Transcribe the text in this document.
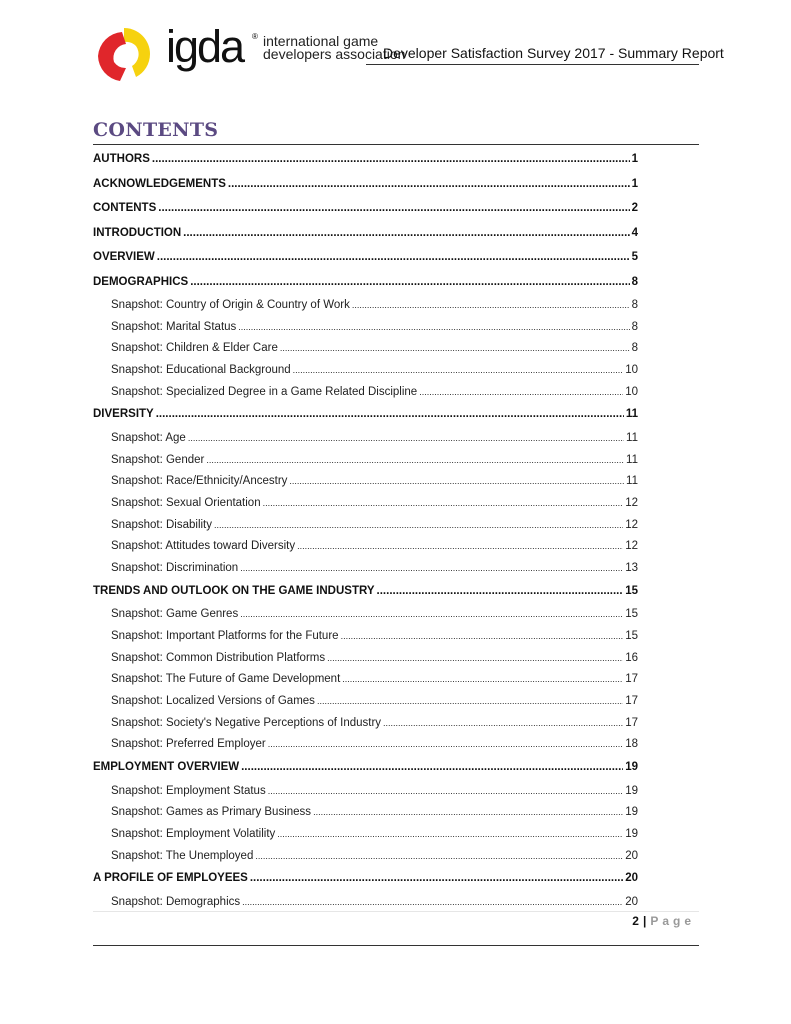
igda ® international game
developers association
Developer Satisfaction Survey 2017 - Summary Report
CONTENTS
AUTHORS .....	1
ACKNOWLEDGEMENTS .....	1
CONTENTS .....	2
INTRODUCTION .....	4
OVERVIEW .....	5
DEMOGRAPHICS .....	8
Snapshot: Country of Origin & Country of Work .....	8
Snapshot: Marital Status .....	8
Snapshot: Children & Elder Care .....	8
Snapshot: Educational Background .....	10
Snapshot: Specialized Degree in a Game Related Discipline .....	10
DIVERSITY .....	11
Snapshot: Age .....	11
Snapshot: Gender .....	11
Snapshot: Race/Ethnicity/Ancestry .....	11
Snapshot: Sexual Orientation .....	12
Snapshot: Disability .....	12
Snapshot: Attitudes toward Diversity .....	12
Snapshot: Discrimination .....	13
TRENDS AND OUTLOOK ON THE GAME INDUSTRY .....	15
Snapshot: Game Genres .....	15
Snapshot: Important Platforms for the Future .....	15
Snapshot: Common Distribution Platforms .....	16
Snapshot: The Future of Game Development .....	17
Snapshot: Localized Versions of Games .....	17
Snapshot: Society's Negative Perceptions of Industry .....	17
Snapshot: Preferred Employer .....	18
EMPLOYMENT OVERVIEW .....	19
Snapshot: Employment Status .....	19
Snapshot: Games as Primary Business .....	19
Snapshot: Employment Volatility .....	19
Snapshot: The Unemployed .....	20
A PROFILE OF EMPLOYEES .....	20
Snapshot: Demographics .....	20
2 | Page
